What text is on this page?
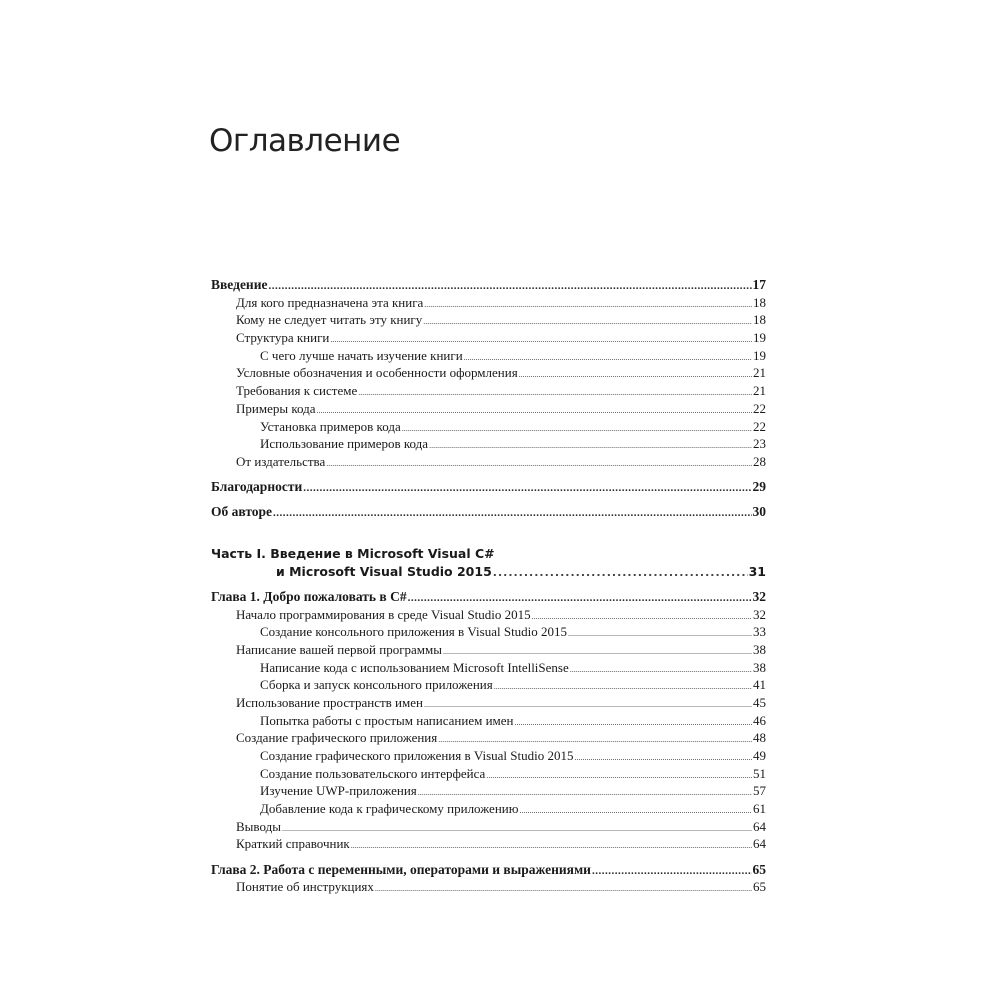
Оглавление
Введение .....	17
Для кого предназначена эта книга .....	18
Кому не следует читать эту книгу .....	18
Структура книги .....	19
С чего лучше начать изучение книги .....	19
Условные обозначения и особенности оформления .....	21
Требования к системе .....	21
Примеры кода .....	22
Установка примеров кода .....	22
Использование примеров кода .....	23
От издательства .....	28
Благодарности .....	29
Об авторе .....	30
Часть I. Введение в Microsoft Visual C#
и Microsoft Visual Studio 2015 .....	31
Глава 1. Добро пожаловать в C# .....	32
Начало программирования в среде Visual Studio 2015 .....	32
Создание консольного приложения в Visual Studio 2015 .....	33
Написание вашей первой программы .....	38
Написание кода с использованием Microsoft IntelliSense .....	38
Сборка и запуск консольного приложения .....	41
Использование пространств имен .....	45
Попытка работы с простым написанием имен .....	46
Создание графического приложения .....	48
Создание графического приложения в Visual Studio 2015 .....	49
Создание пользовательского интерфейса .....	51
Изучение UWP-приложения .....	57
Добавление кода к графическому приложению .....	61
Выводы .....	64
Краткий справочник .....	64
Глава 2. Работа с переменными, операторами и выражениями .....	65
Понятие об инструкциях .....	65
